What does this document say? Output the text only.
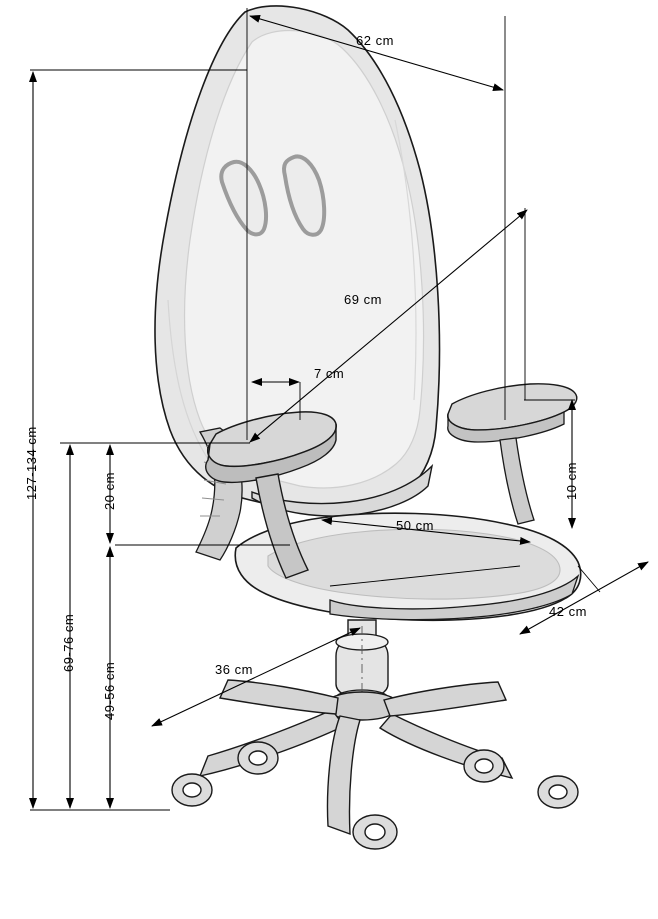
62 cm
69 cm
7 cm
127-134 cm	20 cm
69-76 cm
49-56 cm
50 cm
10 cm
42 cm
36 cm
